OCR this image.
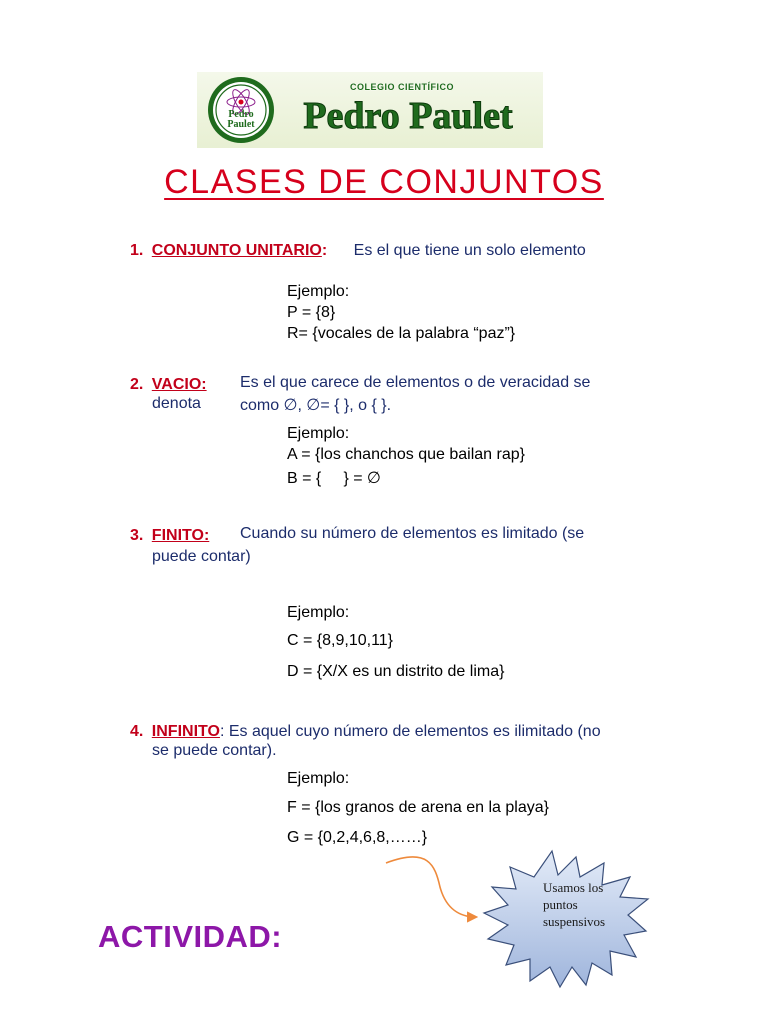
Pedro
Paulet
COLEGIO CIENTÍFICO
Pedro Paulet
CLASES DE CONJUNTOS
1. CONJUNTO UNITARIO: Es el que tiene un solo elemento
Ejemplo:
P = {8}
R= {vocales de la palabra “paz”}
2. VACIO: Es el que carece de elementos o de veracidad se
denota como ∅, ∅= { }, o { }.
Ejemplo:
A = {los chanchos que bailan rap}
B = {     } = ∅
3. FINITO: Cuando su número de elementos es limitado (se
puede contar)
Ejemplo:
C = {8,9,10,11}
D = {X/X es un distrito de lima}
4. INFINITO: Es aquel cuyo número de elementos es ilimitado (no
se puede contar).
Ejemplo:
F = {los granos de arena en la playa}
G = {0,2,4,6,8,……}
Usamos los
puntos
suspensivos
ACTIVIDAD:
